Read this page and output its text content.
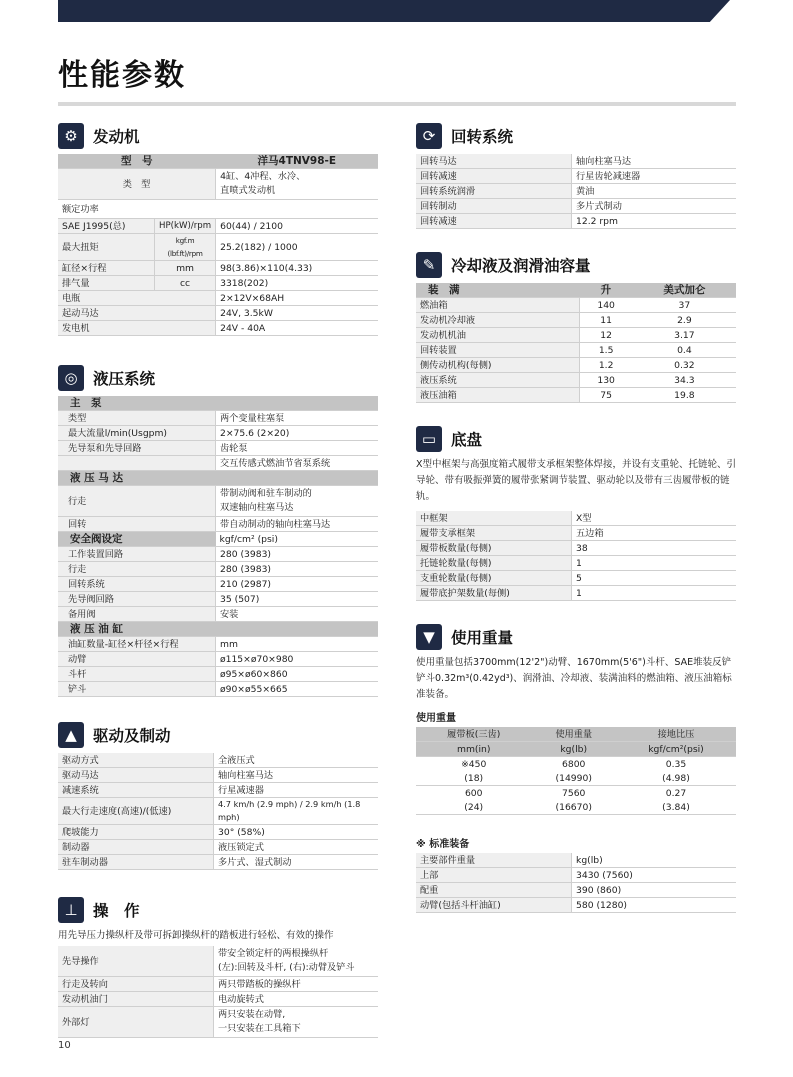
性能参数
⚙ 发动机
型　号		洋马4TNV98-E
类　型		4缸、4冲程、水冷、
直喷式发动机
额定功率		
SAE J1995(总)	HP(kW)/rpm	60(44) / 2100
最大扭矩	kgf.m (lbf.ft)/rpm	25.2(182) / 1000
缸径×行程	mm	98(3.86)×110(4.33)
排气量	cc	3318(202)
电瓶		2×12V×68AH
起动马达		24V, 3.5kW
发电机		24V - 40A
◎ 液压系统
主　泵	
类型	两个变量柱塞泵
最大流量l/min(Usgpm)	2×75.6 (2×20)
先导泵和先导回路	齿轮泵
	交互传感式燃油节省泵系统
液 压 马 达	
行走	带制动阀和驻车制动的
双速轴向柱塞马达
回转	带自动制动的轴向柱塞马达
安全阀设定	kgf/cm² (psi)
工作装置回路	280 (3983)
行走	280 (3983)
回转系统	210 (2987)
先导阀回路	35 (507)
备用阀	安装
液 压 油 缸	
油缸数量-缸径×杆径×行程	mm
动臂	ø115×ø70×980
斗杆	ø95×ø60×860
铲斗	ø90×ø55×665
▲	驱动及制动
驱动方式	全液压式
驱动马达	轴向柱塞马达
减速系统	行星减速器
最大行走速度(高速)/(低速)	4.7 km/h (2.9 mph) / 2.9 km/h (1.8 mph)
爬坡能力	30° (58%)
制动器	液压锁定式
驻车制动器	多片式、湿式制动
⊥ 操　作

用先导压力操纵杆及带可拆卸操纵杆的踏板进行轻松、有效的操作

先导操作	带安全锁定杆的两根操纵杆
(左):回转及斗杆, (右):动臂及铲斗
行走及转向	两只带踏板的操纵杆
发动机油门	电动旋转式
外部灯	两只安装在动臂,
一只安装在工具箱下
⟳	回转系统
回转马达	轴向柱塞马达
回转减速	行星齿轮减速器
回转系统润滑	黄油
回转制动	多片式制动
回转减速	12.2 rpm
✎	冷却液及润滑油容量
装　满	升	美式加仑
燃油箱	140	37
发动机冷却液	11	2.9
发动机机油	12	3.17
回转装置	1.5	0.4
侧传动机构(每侧)	1.2	0.32
液压系统	130	34.3
液压油箱	75	19.8
▭ 底盘

X型中框架与高强度箱式履带支承框架整体焊接，并设有支重轮、托链轮、引导轮、带有吸振弹簧的履带张紧调节装置、驱动轮以及带有三齿履带板的链轨。

中框架	X型
履带支承框架	五边箱
履带板数量(每侧)	38
托链轮数量(每侧)	1
支重轮数量(每侧)	5
履带底护架数量(每侧)	1
▼	使用重量

使用重量包括3700mm(12'2")动臂、1670mm(5'6")斗杆、SAE堆装反铲铲斗0.32m³(0.42yd³)、润滑油、冷却液、装满油料的燃油箱、液压油箱标准装备。

使用重量
履带板(三齿)	使用重量	接地比压
mm(in)	kg(lb)	kgf/cm²(psi)
※450	6800	0.35
(18)	(14990)	(4.98)
600	7560	0.27
(24)	(16670)	(3.84)
※ 标准装备
主要部件重量	kg(lb)
上部	3430 (7560)
配重	390 (860)
动臂(包括斗杆油缸)	580 (1280)
10
